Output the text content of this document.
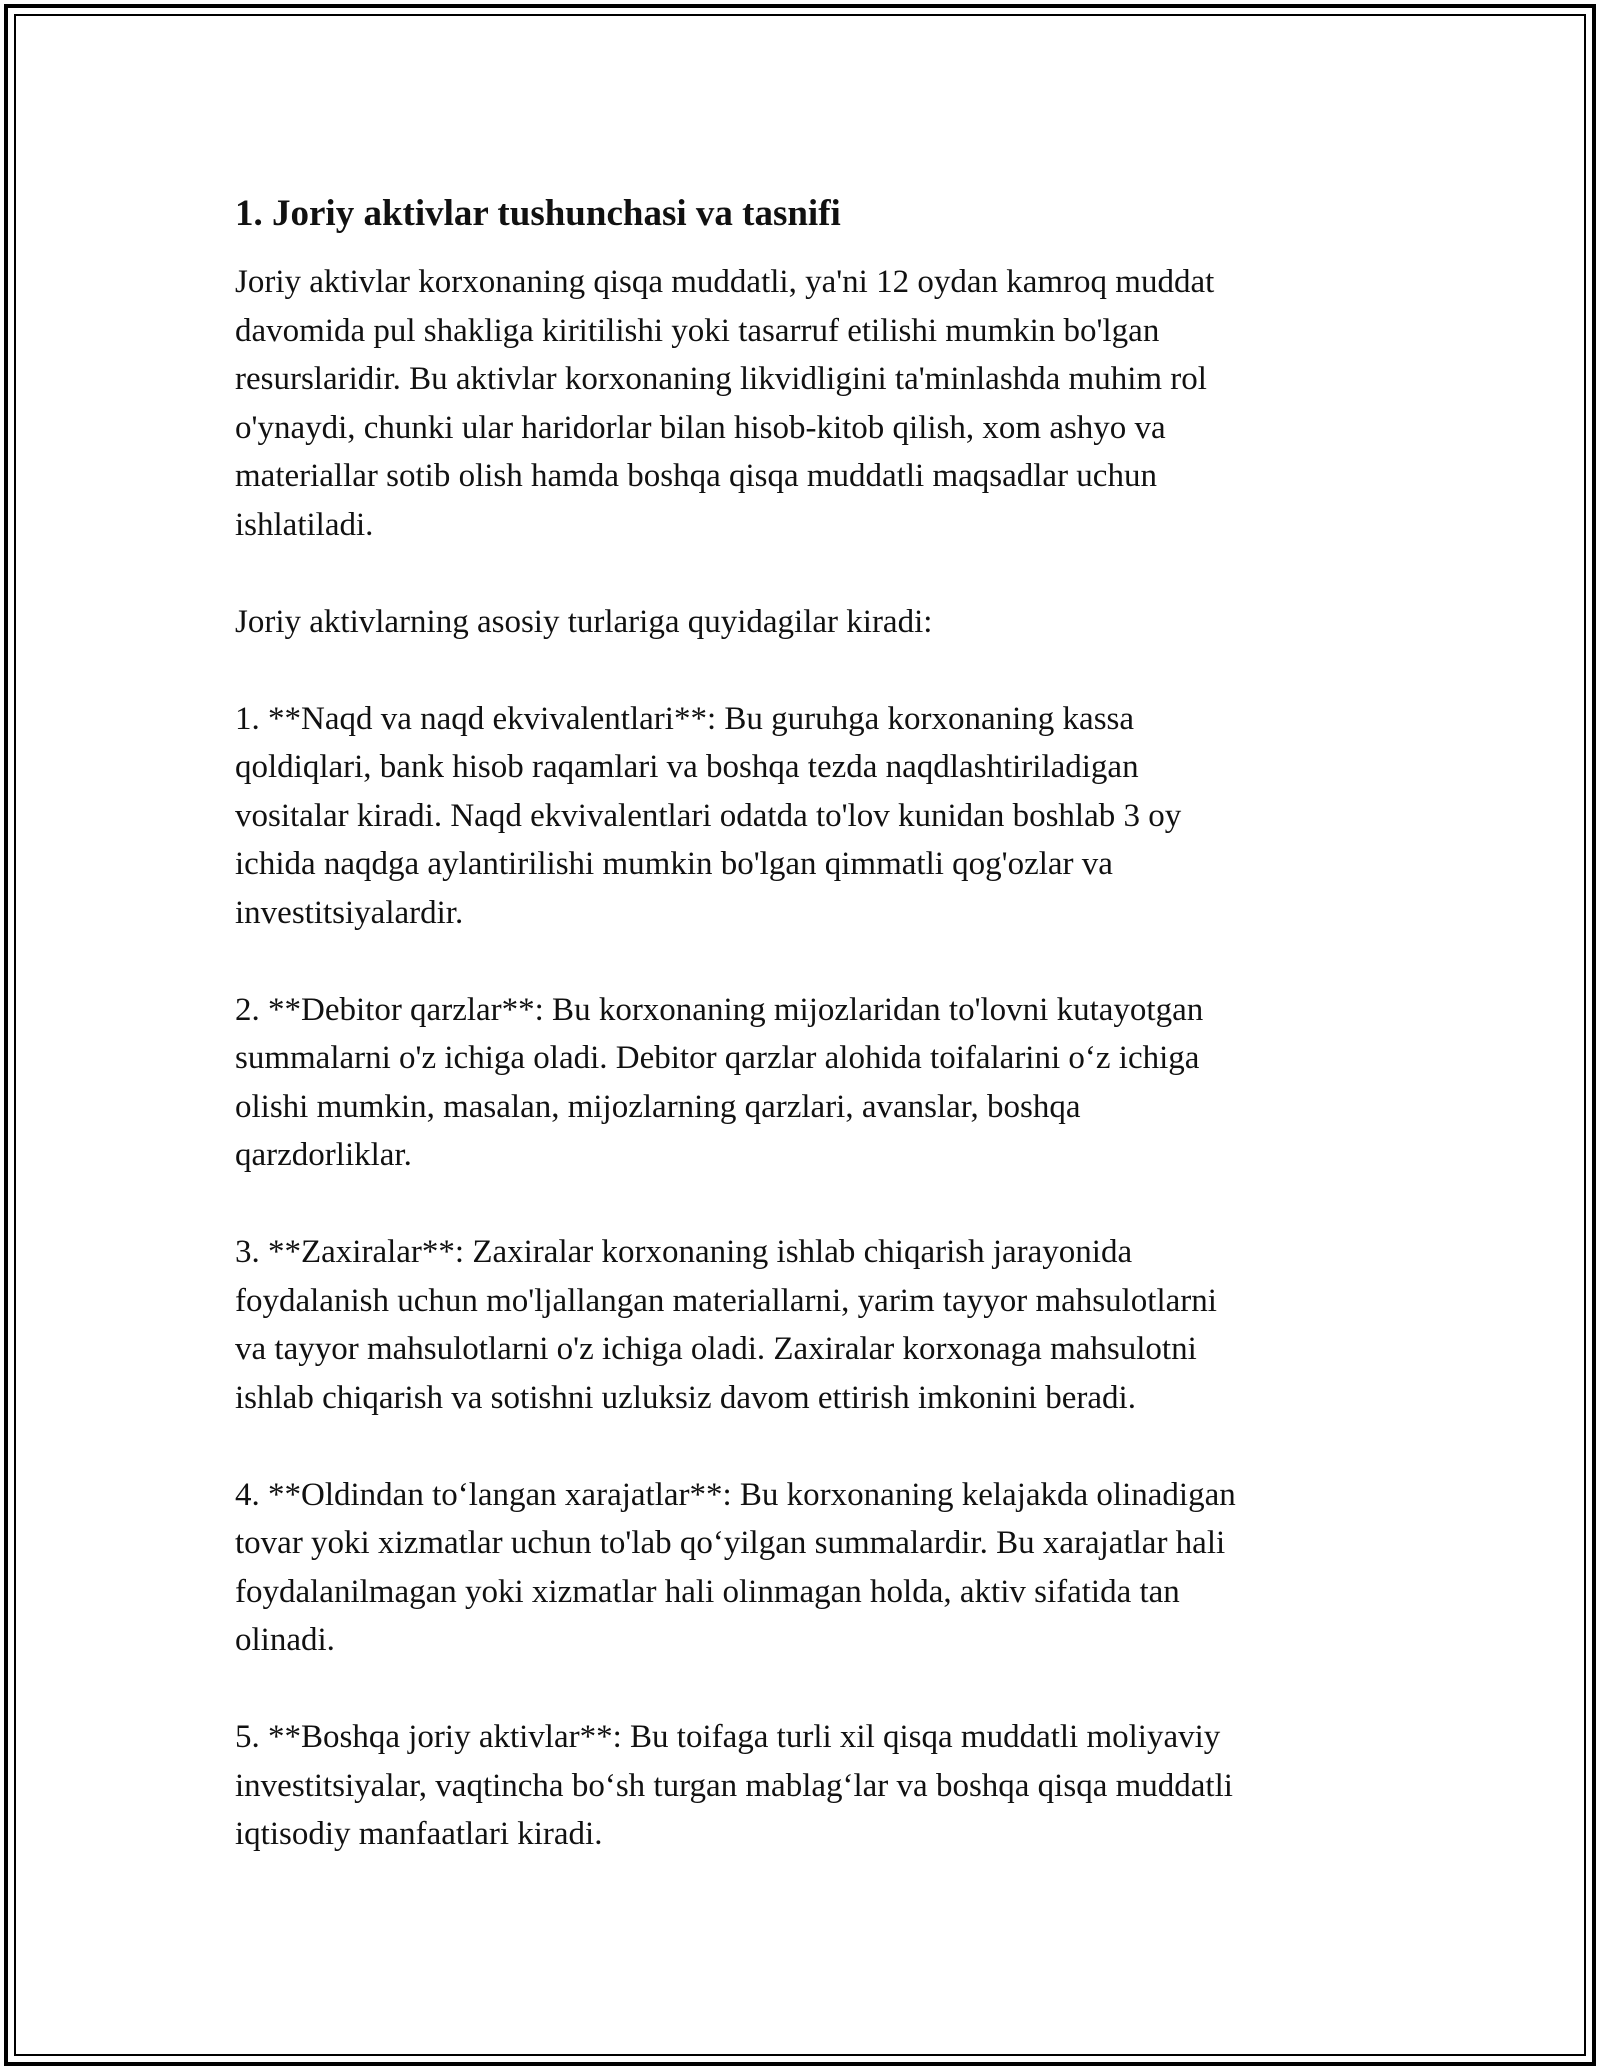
1. Joriy aktivlar tushunchasi va tasnifi

Joriy aktivlar korxonaning qisqa muddatli, ya'ni 12 oydan kamroq muddat
davomida pul shakliga kiritilishi yoki tasarruf etilishi mumkin bo'lgan
resurslaridir. Bu aktivlar korxonaning likvidligini ta'minlashda muhim rol
o'ynaydi, chunki ular haridorlar bilan hisob-kitob qilish, xom ashyo va
materiallar sotib olish hamda boshqa qisqa muddatli maqsadlar uchun
ishlatiladi.

Joriy aktivlarning asosiy turlariga quyidagilar kiradi:

1. **Naqd va naqd ekvivalentlari**: Bu guruhga korxonaning kassa
qoldiqlari, bank hisob raqamlari va boshqa tezda naqdlashtiriladigan
vositalar kiradi. Naqd ekvivalentlari odatda to'lov kunidan boshlab 3 oy
ichida naqdga aylantirilishi mumkin bo'lgan qimmatli qog'ozlar va
investitsiyalardir.

2. **Debitor qarzlar**: Bu korxonaning mijozlaridan to'lovni kutayotgan
summalarni o'z ichiga oladi. Debitor qarzlar alohida toifalarini o‘z ichiga
olishi mumkin, masalan, mijozlarning qarzlari, avanslar, boshqa
qarzdorliklar.

3. **Zaxiralar**: Zaxiralar korxonaning ishlab chiqarish jarayonida
foydalanish uchun mo'ljallangan materiallarni, yarim tayyor mahsulotlarni
va tayyor mahsulotlarni o'z ichiga oladi. Zaxiralar korxonaga mahsulotni
ishlab chiqarish va sotishni uzluksiz davom ettirish imkonini beradi.

4. **Oldindan to‘langan xarajatlar**: Bu korxonaning kelajakda olinadigan
tovar yoki xizmatlar uchun to'lab qo‘yilgan summalardir. Bu xarajatlar hali
foydalanilmagan yoki xizmatlar hali olinmagan holda, aktiv sifatida tan
olinadi.

5. **Boshqa joriy aktivlar**: Bu toifaga turli xil qisqa muddatli moliyaviy
investitsiyalar, vaqtincha bo‘sh turgan mablag‘lar va boshqa qisqa muddatli
iqtisodiy manfaatlari kiradi.
